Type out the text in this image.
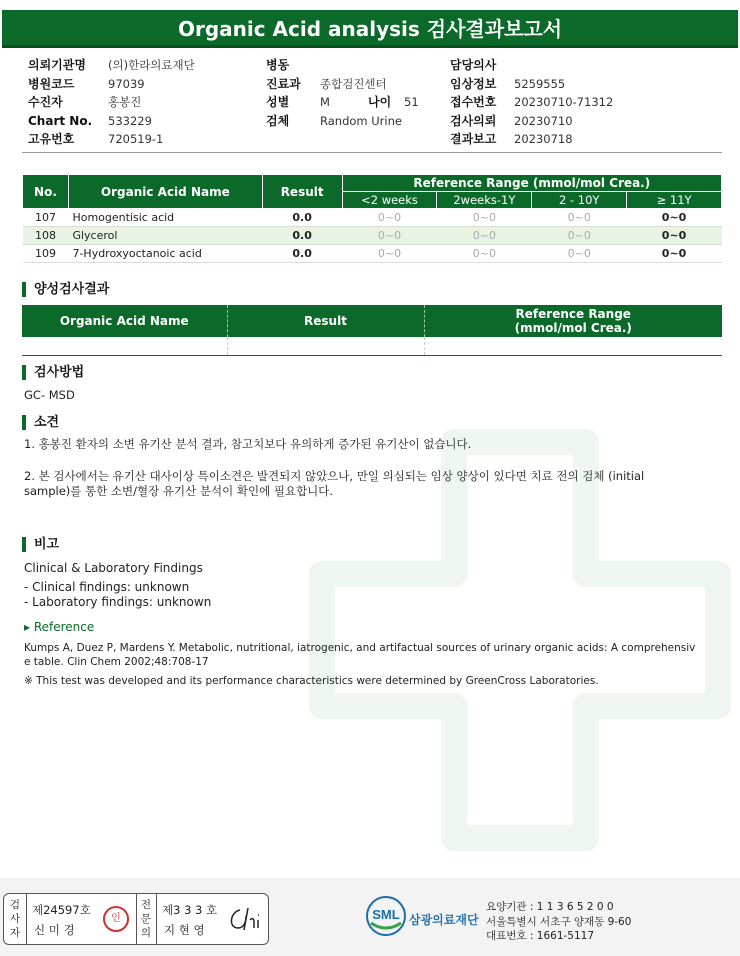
Organic Acid analysis 검사결과보고서
의뢰기관명	(의)한라의료재단
병원코드	97039
수진자	홍봉진
Chart No.	533229
고유번호	720519-1
병동
진료과	종합검진센터
성별	M	나이	51
검체	Random Urine
담당의사
임상정보	5259555
접수번호	20230710-71312
검사의뢰	20230710
결과보고	20230718
No.	Organic Acid Name	Result	Reference Range (mmol/mol Crea.)			
			<2 weeks	2weeks-1Y	2 - 10Y	≥ 11Y
107	Homogentisic acid	0.0	0~0	0~0	0~0	0~0
108	Glycerol	0.0	0~0	0~0	0~0	0~0
109	7-Hydroxyoctanoic acid	0.0	0~0	0~0	0~0	0~0
양성검사결과
Organic Acid Name	Result	Reference Range
(mmol/mol Crea.)

검사방법
GC- MSD
소견
1. 홍봉진 환자의 소변 유기산 분석 결과, 참고치보다 유의하게 증가된 유기산이 없습니다.
2. 본 검사에서는 유기산 대사이상 특이소견은 발견되지 않았으나, 만일 의심되는 임상 양상이 있다면 치료 전의 검체 (initial
sample)를 통한 소변/혈장 유기산 분석이 확인에 필요합니다.
비고
Clinical & Laboratory Findings
- Clinical findings: unknown
- Laboratory findings: unknown
▸ Reference
Kumps A, Duez P, Mardens Y. Metabolic, nutritional, iatrogenic, and artifactual sources of urinary organic acids: A comprehensiv
e table. Clin Chem 2002;48:708-17
※ This test was developed and its performance characteristics were determined by GreenCross Laboratories.
검사자
제24597호
신 미 경
인
전문의
제3 3 3 호
지 현 영
SML 삼광의료재단
요양기관 : 1 1 3 6 5 2 0 0
서울특별시 서초구 양재동 9-60
대표번호 : 1661-5117
